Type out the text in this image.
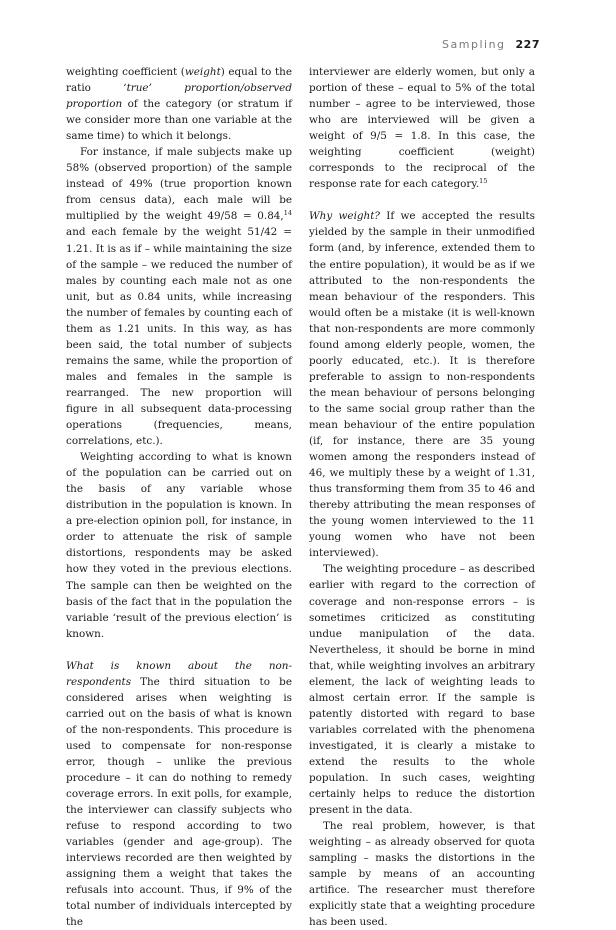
Sampling 227

weighting coefficient (weight) equal to the ratio ‘true’ proportion/observed proportion of the category (or stratum if we consider more than one variable at the same time) to which it belongs.

For instance, if male subjects make up 58% (observed proportion) of the sample instead of 49% (true proportion known from census data), each male will be multiplied by the weight 49/58 = 0.84,14 and each female by the weight 51/42 = 1.21. It is as if – while maintaining the size of the sample – we reduced the number of males by counting each male not as one unit, but as 0.84 units, while increasing the number of females by counting each of them as 1.21 units. In this way, as has been said, the total number of subjects remains the same, while the proportion of males and females in the sample is rearranged. The new proportion will figure in all subsequent data-processing operations (frequencies, means, correlations, etc.).

Weighting according to what is known of the population can be carried out on the basis of any variable whose distribution in the population is known. In a pre-election opinion poll, for instance, in order to attenuate the risk of sample distortions, respondents may be asked how they voted in the previous elections. The sample can then be weighted on the basis of the fact that in the population the variable ‘result of the previous election’ is known.

What is known about the non-respondents The third situation to be considered arises when weighting is carried out on the basis of what is known of the non-respondents. This procedure is used to compensate for non-response error, though – unlike the previous procedure – it can do nothing to remedy coverage errors. In exit polls, for example, the interviewer can classify subjects who refuse to respond according to two variables (gender and age-group). The interviews recorded are then weighted by assigning them a weight that takes the refusals into account. Thus, if 9% of the total number of individuals intercepted by the

interviewer are elderly women, but only a portion of these – equal to 5% of the total number – agree to be interviewed, those who are interviewed will be given a weight of 9/5 = 1.8. In this case, the weighting coefficient (weight) corresponds to the reciprocal of the response rate for each category.$^{15}$

Why weight? If we accepted the results yielded by the sample in their unmodified form (and, by inference, extended them to the entire population), it would be as if we attributed to the non-respondents the mean behaviour of the responders. This would often be a mistake (it is well-known that non-respondents are more commonly found among elderly people, women, the poorly educated, etc.). It is therefore preferable to assign to non-respondents the mean behaviour of persons belonging to the same social group rather than the mean behaviour of the entire population (if, for instance, there are 35 young women among the responders instead of 46, we multiply these by a weight of 1.31, thus transforming them from 35 to 46 and thereby attributing the mean responses of the young women interviewed to the 11 young women who have not been interviewed).

The weighting procedure – as described earlier with regard to the correction of coverage and non-response errors – is sometimes criticized as constituting undue manipulation of the data. Nevertheless, it should be borne in mind that, while weighting involves an arbitrary element, the lack of weighting leads to almost certain error. If the sample is patently distorted with regard to base variables correlated with the phenomena investigated, it is clearly a mistake to extend the results to the whole population. In such cases, weighting certainly helps to reduce the distortion present in the data.

The real problem, however, is that weighting – as already observed for quota sampling – masks the distortions in the sample by means of an accounting artifice. The researcher must therefore explicitly state that a weighting procedure has been used.
